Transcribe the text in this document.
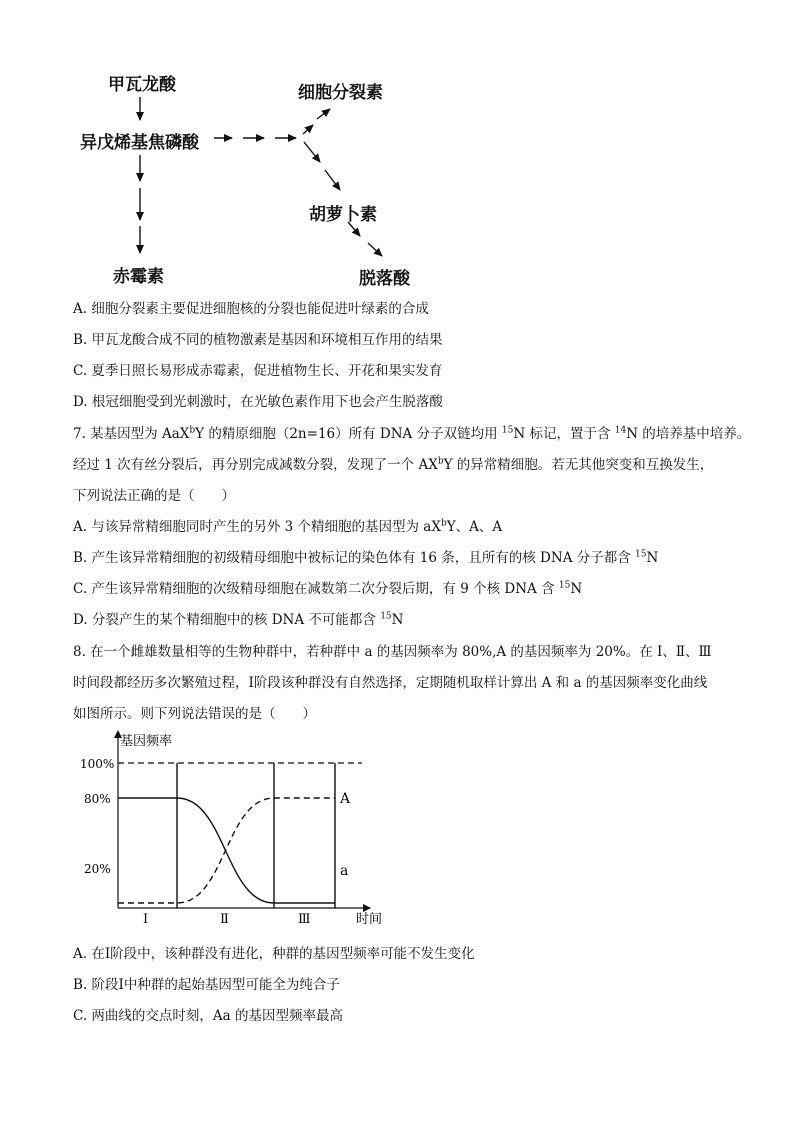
甲瓦龙酸
异戊烯基焦磷酸
细胞分裂素
胡萝卜素
赤霉素	脱落酸
A. 细胞分裂素主要促进细胞核的分裂也能促进叶绿素的合成
B. 甲瓦龙酸合成不同的植物激素是基因和环境相互作用的结果
C. 夏季日照长易形成赤霉素，促进植物生长、开花和果实发育
D. 根冠细胞受到光刺激时，在光敏色素作用下也会产生脱落酸
7. 某基因型为 AaX$^b$Y 的精原细胞（2n=16）所有 DNA 分子双链均用 $^{15}$N 标记，置于含 $^{14}$N 的培养基中培养。
经过 1 次有丝分裂后，再分别完成减数分裂，发现了一个 $AX^bY$ 的异常精细胞。若无其他突变和互换发生，
下列说法正确的是（　　）
A. 与该异常精细胞同时产生的另外 3 个精细胞的基因型为 $aX^bY$、A、A
B. 产生该异常精细胞的初级精母细胞中被标记的染色体有 16 条，且所有的核 DNA 分子都含 $^{15}$N
C. 产生该异常精细胞的次级精母细胞在减数第二次分裂后期，有 9 个核 DNA 含 $^{15}$N
D. 分裂产生的某个精细胞中的核 DNA 不可能都含 $^{15}$N
8. 在一个雌雄数量相等的生物种群中，若种群中 a 的基因频率为 80%,A 的基因频率为 20%。在 Ⅰ、Ⅱ、Ⅲ
时间段都经历多次繁殖过程，Ⅰ阶段该种群没有自然选择，定期随机取样计算出 A 和 a 的基因频率变化曲线
如图所示。则下列说法错误的是（　　）
基因频率
时间
100%
80%
20%
Ⅰ	Ⅱ	Ⅲ
A
a
A. 在Ⅰ阶段中，该种群没有进化，种群的基因型频率可能不发生变化
B. 阶段Ⅰ中种群的起始基因型可能全为纯合子
C. 两曲线的交点时刻，Aa 的基因型频率最高
